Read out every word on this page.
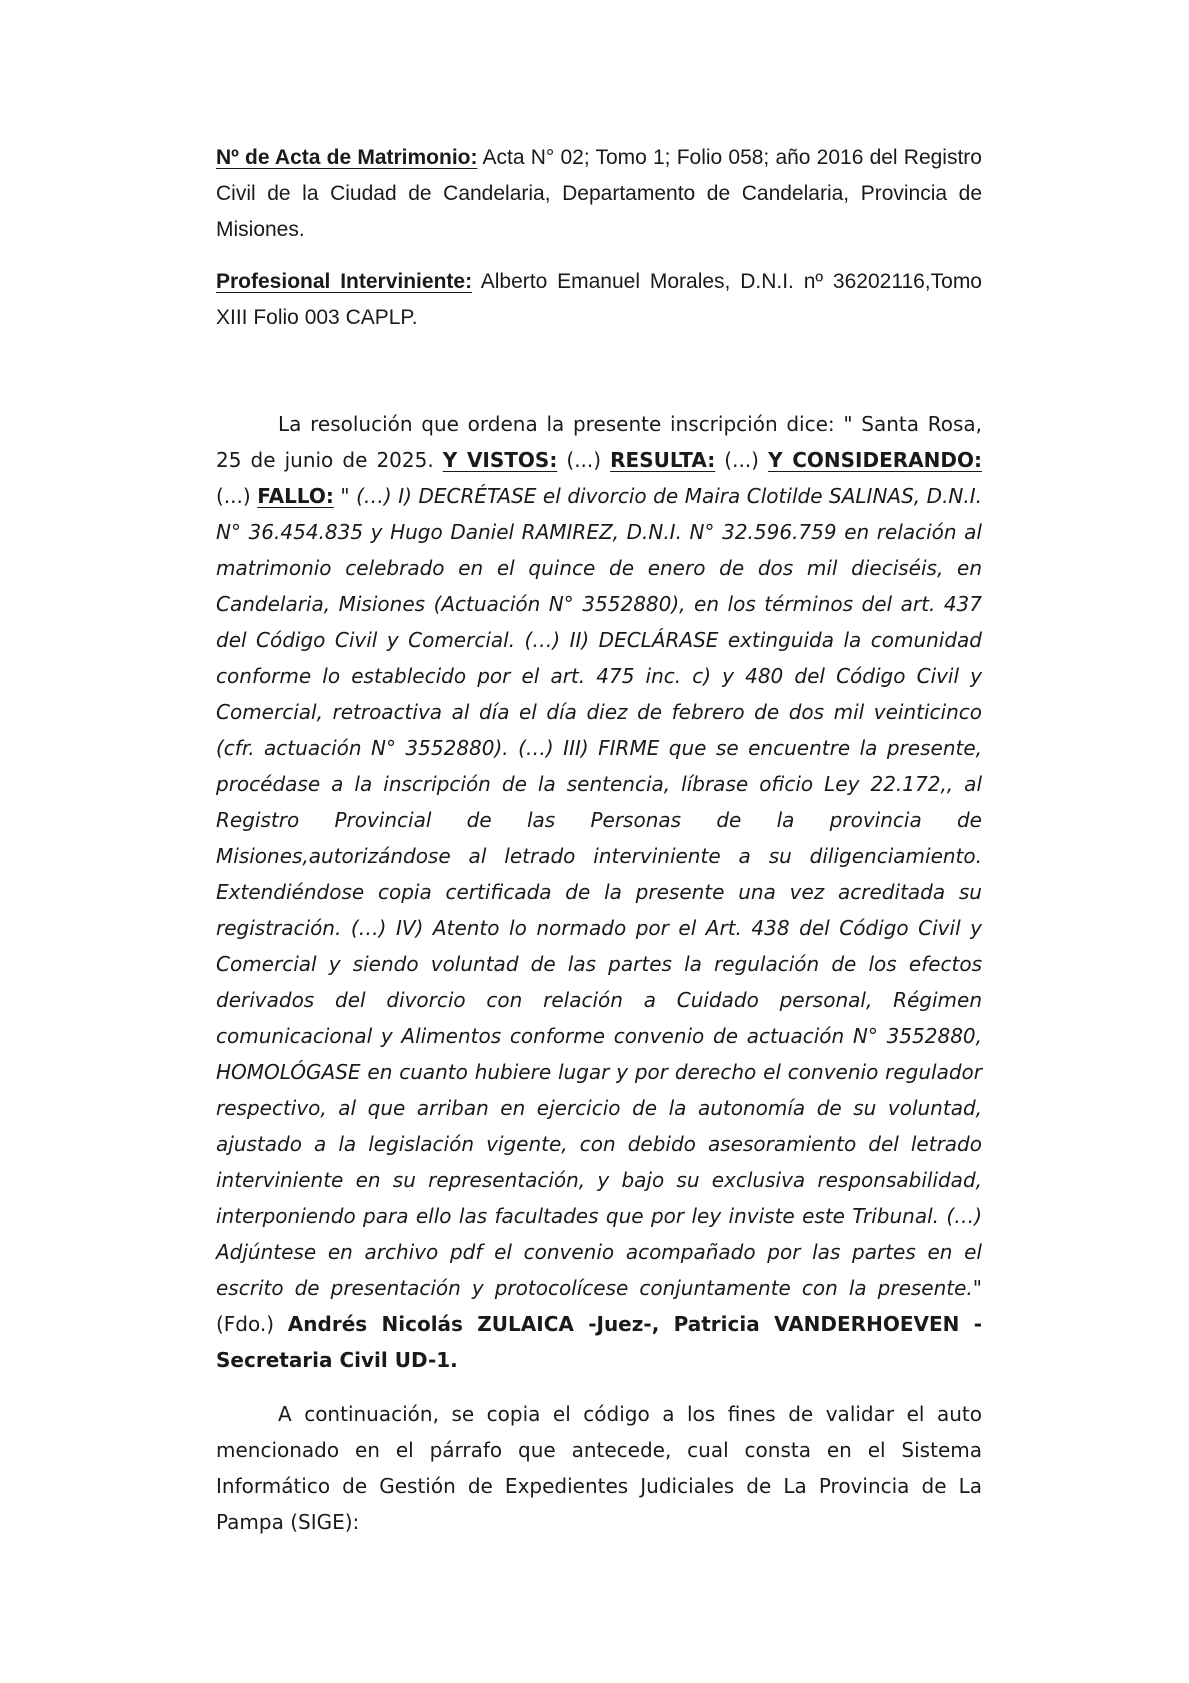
Nº de Acta de Matrimonio: Acta N° 02; Tomo 1; Folio 058; año 2016 del Registro Civil de la Ciudad de Candelaria, Departamento de Candelaria, Provincia de Misiones.

Profesional Interviniente: Alberto Emanuel Morales, D.N.I. nº 36202116,Tomo XIII Folio 003 CAPLP.

La resolución que ordena la presente inscripción dice: " Santa Rosa, 25 de junio de 2025. Y VISTOS: (...) RESULTA: (...) Y CONSIDERANDO: (...) FALLO: " (…) I) DECRÉTASE el divorcio de Maira Clotilde SALINAS, D.N.I. N° 36.454.835 y Hugo Daniel RAMIREZ, D.N.I. N° 32.596.759 en relación al matrimonio celebrado en el quince de enero de dos mil dieciséis, en Candelaria, Misiones (Actuación N° 3552880), en los términos del art. 437 del Código Civil y Comercial. (…) II) DECLÁRASE extinguida la comunidad conforme lo establecido por el art. 475 inc. c) y 480 del Código Civil y Comercial, retroactiva al día el día diez de febrero de dos mil veinticinco (cfr. actuación N° 3552880). (…) III) FIRME que se encuentre la presente, procédase a la inscripción de la sentencia, líbrase oficio Ley 22.172,, al Registro Provincial de las Personas de la provincia de Misiones,autorizándose al letrado interviniente a su diligenciamiento. Extendiéndose copia certificada de la presente una vez acreditada su registración. (…) IV) Atento lo normado por el Art. 438 del Código Civil y Comercial y siendo voluntad de las partes la regulación de los efectos derivados del divorcio con relación a Cuidado personal, Régimen comunicacional y Alimentos conforme convenio de actuación N° 3552880, HOMOLÓGASE en cuanto hubiere lugar y por derecho el convenio regulador respectivo, al que arriban en ejercicio de la autonomía de su voluntad, ajustado a la legislación vigente, con debido asesoramiento del letrado interviniente en su representación, y bajo su exclusiva responsabilidad, interponiendo para ello las facultades que por ley inviste este Tribunal. (…) Adjúntese en archivo pdf el convenio acompañado por las partes en el escrito de presentación y protocolícese conjuntamente con la presente." (Fdo.) Andrés Nicolás ZULAICA -Juez-, Patricia VANDERHOEVEN -Secretaria Civil UD-1.

A continuación, se copia el código a los fines de validar el auto mencionado en el párrafo que antecede, cual consta en el Sistema Informático de Gestión de Expedientes Judiciales de La Provincia de La Pampa (SIGE):
